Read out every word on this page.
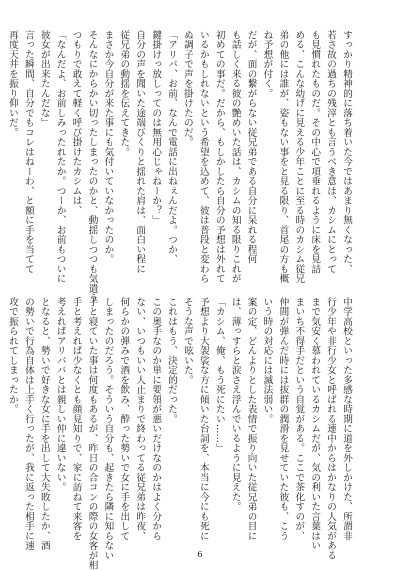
すっかり精神的に落ち着いた今ではあまり無くなった、
若さ故の過ちの残滓とも言うべき意は、カシムにとって
も見慣れたものだ。その中心で項垂れるように床を見詰
める、こんな幼げに見える少年ことに至る時のカシム従兄
弟の他には誰が、姿もない事をと見る限り、首尾の方も概
ね予想が付く。
だが、面の繋がらない従兄弟である自分に呆れる程何
も話しく来る彼の艶めいた話は、カシムの知る限りこれが
初めての事だ。だから、もしかしたら自分の予想は外れて
いるかもしれないという希望を込めて、彼は普段と変わら
ぬ調子で声を掛けたのだ。
「アリバ、お前、なんで電話に出ねぇんだよ。つか、
鍵掛けっ放しってのは無用心じゃねーか？」
自分の声を聞いた途端びくりと揺れた肩は、面白い程に
従兄弟の動揺を伝えてきた。
まさか今自分が来た事にも気付いていなかったのか。
そんなにからかい切ったしまったのかと、動揺しつつも気遣う
つもりで敢えて軽く呼び掛けたカシムは、
「なんだよ、お前しみったれたか。つーか、お前もついに
彼女が出来たんだな」
言った瞬間、自分でもコレはねーわ、と額に手を当てて
再度天井を振り仰いだ。
中学高校といった多感な時期に道を外しかけた、所謂非
行少年や非行少女と呼ばれる連中からはかなりの人気がある
まで気安く慕われているカシムだが、気の利いた言葉はい
まいち不得手だという自覚がある。ここで茶化すのが、
仲間が弾んだ時には抜群の潤滑を見せていた彼も、こう
いう時の対応には滅法弱い。
案の定、どんよりとした表情で振り向いた従兄弟の目に
は、薄っすらと涙さえ浮んでいるように見えた。
「カシム、俺、もう死にたい……」
予想より大袈裟な方に傾いた台詞を、本当に今にも死に
そうな声で呟いた。
これはもう、決定的だった。
この奥手なのか単に要領が悪いだけなのかはよく分から
ない、いつもいい人止まりで終わってる従兄弟は昨夜、
何らかの弾みで酒を飲み、酔った勢いで女に手を出して
しまったのだろう。そういう自分も、起きたら隣に知らない
手と寝ていた事は何度もあるが、昨日の合コンの際の女客が相
手と考えれば少なくとも顔見知りで、家に訪ねて来客を
考えればアリババとは親しい仲に違いない。
となると、勢いで好きな女に手を出して大失敗したか、酒
の勢いで行為自体は上手く行ったが、我に返った相手に速
攻で振られてしまったか。
6
